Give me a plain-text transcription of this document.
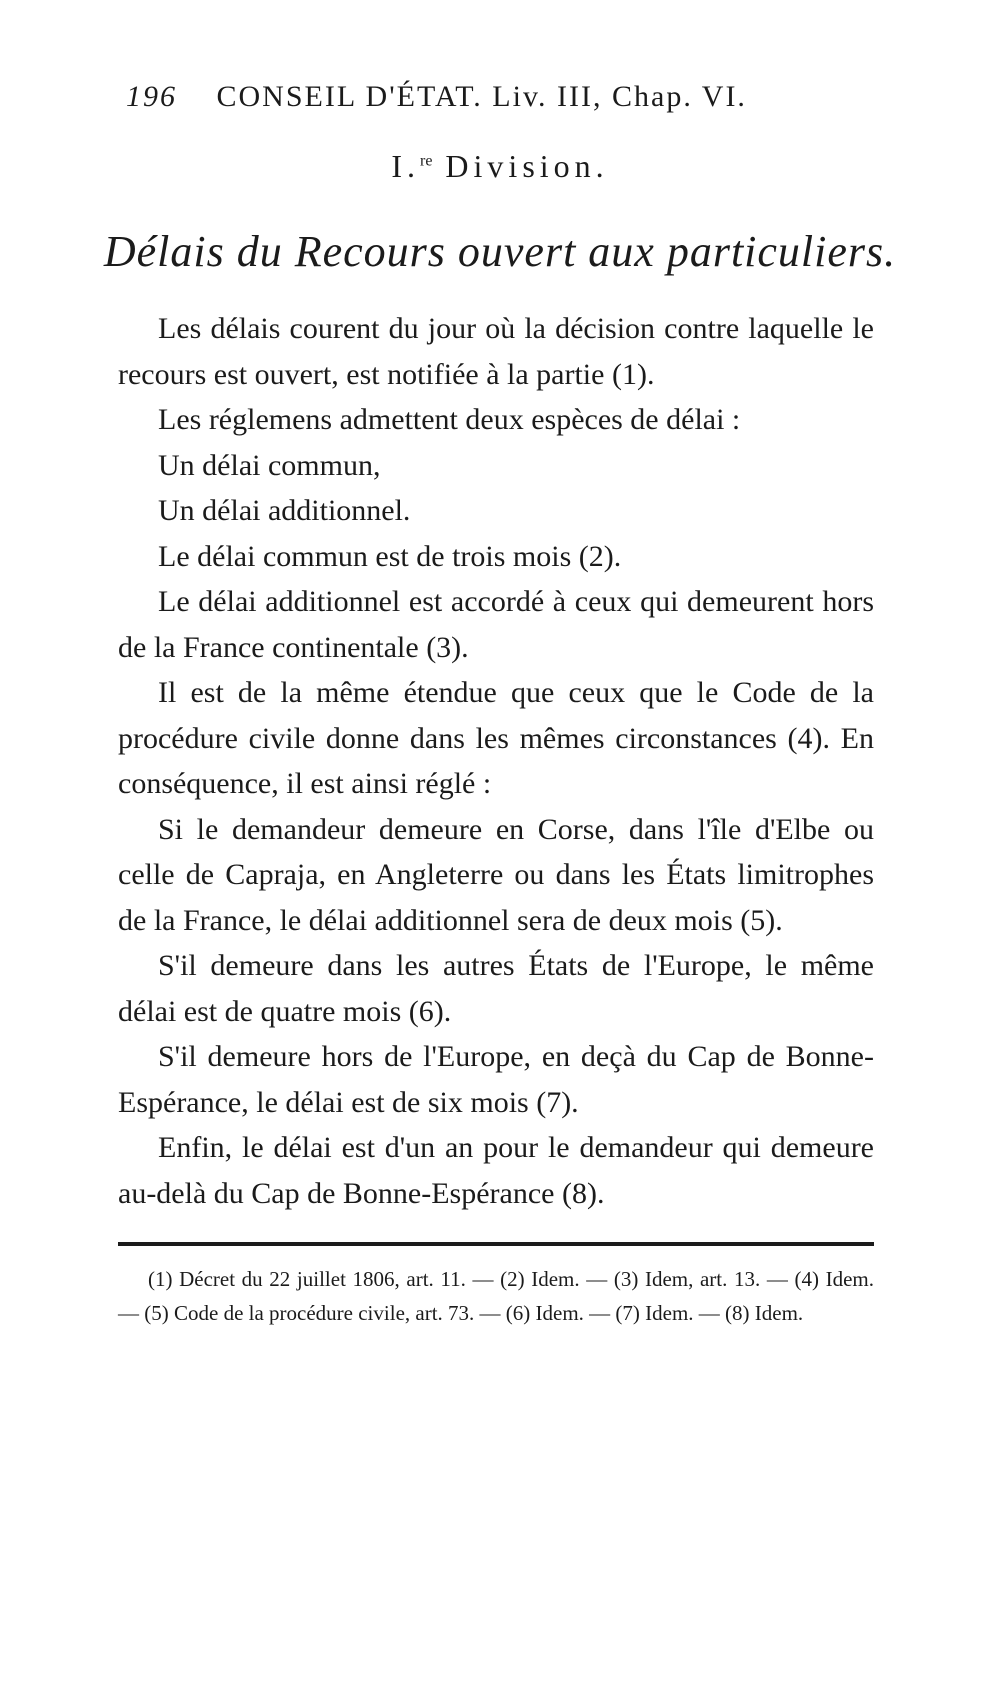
196 CONSEIL D'ÉTAT. Liv. III, Chap. VI.
I.$^{re}$ Division.
Délais du Recours ouvert aux particuliers.

Les délais courent du jour où la décision contre laquelle le recours est ouvert, est notifiée à la partie (1).

Les réglemens admettent deux espèces de délai :

Un délai commun,

Un délai additionnel.

Le délai commun est de trois mois (2).

Le délai additionnel est accordé à ceux qui demeurent hors de la France continentale (3).

Il est de la même étendue que ceux que le Code de la procédure civile donne dans les mêmes circonstances (4). En conséquence, il est ainsi réglé :

Si le demandeur demeure en Corse, dans l'île d'Elbe ou celle de Capraja, en Angleterre ou dans les États limitrophes de la France, le délai additionnel sera de deux mois (5).

S'il demeure dans les autres États de l'Europe, le même délai est de quatre mois (6).

S'il demeure hors de l'Europe, en deçà du Cap de Bonne-Espérance, le délai est de six mois (7).

Enfin, le délai est d'un an pour le demandeur qui demeure au-delà du Cap de Bonne-Espérance (8).

(1) Décret du 22 juillet 1806, art. 11. — (2) Idem. — (3) Idem, art. 13. — (4) Idem. — (5) Code de la procédure civile, art. 73. — (6) Idem. — (7) Idem. — (8) Idem.
